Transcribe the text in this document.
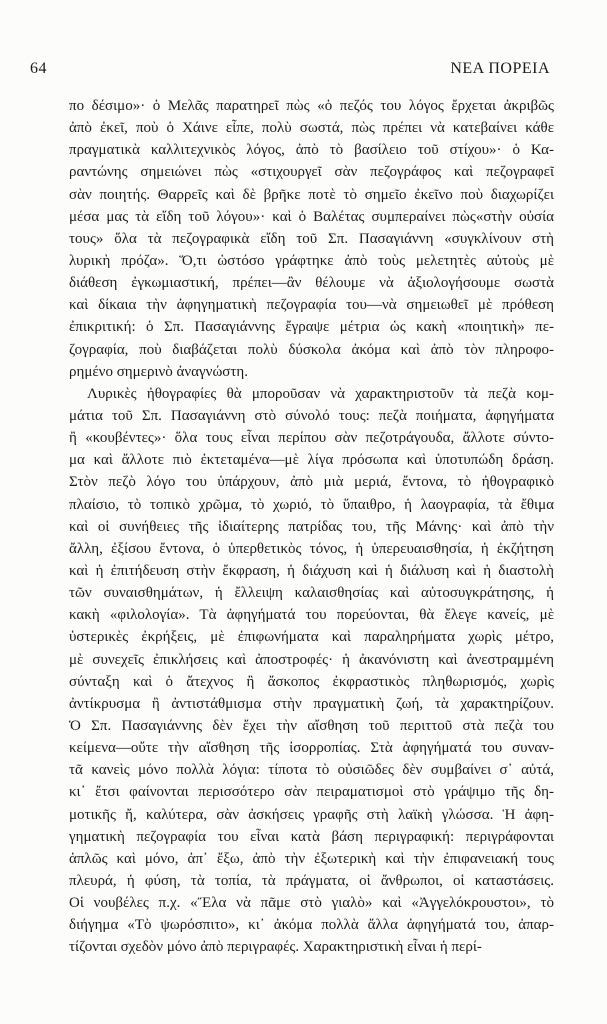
64	ΝΕΑ ΠΟΡΕΙΑ
πο δέσιμο»· ὁ Μελᾶς παρατηρεῖ πὼς «ὁ πεζός του λόγος ἔρχεται ἀκριβῶς
ἀπὸ ἐκεῖ, ποὺ ὁ Χάινε εἶπε, πολὺ σωστά, πὼς πρέπει νὰ κατεβαίνει κάθε
πραγματικὰ καλλιτεχνικὸς λόγος, ἀπὸ τὸ βασίλειο τοῦ στίχου»· ὁ Κα-
ραντώνης σημειώνει πὼς «στιχουργεῖ σὰν πεζογράφος καὶ πεζογραφεῖ
σὰν ποιητής. Θαρρεῖς καὶ δὲ βρῆκε ποτὲ τὸ σημεῖο ἐκεῖνο ποὺ διαχωρίζει
μέσα μας τὰ εἴδη τοῦ λόγου»· καὶ ὁ Βαλέτας συμπεραίνει πὼς«στὴν οὐσία
τους» ὅλα τὰ πεζογραφικὰ εἴδη τοῦ Σπ. Πασαγιάννη «συγκλίνουν στὴ
λυρικὴ πρόζα». Ὅ,τι ὡστόσο γράφτηκε ἀπὸ τοὺς μελετητὲς αὐτοὺς μὲ
διάθεση ἐγκωμιαστική, πρέπει—ἂν θέλουμε νὰ ἀξιολογήσουμε σωστὰ
καὶ δίκαια τὴν ἀφηγηματικὴ πεζογραφία του—νὰ σημειωθεῖ μὲ πρόθεση
ἐπικριτική: ὁ Σπ. Πασαγιάννης ἔγραψε μέτρια ὡς κακὴ «ποιητικὴ» πε-
ζογραφία, ποὺ διαβάζεται πολὺ δύσκολα ἀκόμα καὶ ἀπὸ τὸν πληροφο-
ρημένο σημερινὸ ἀναγνώστη.
Λυρικὲς ἠθογραφίες θὰ μποροῦσαν νὰ χαρακτηριστοῦν τὰ πεζὰ κομ-
μάτια τοῦ Σπ. Πασαγιάννη στὸ σύνολό τους: πεζὰ ποιήματα, ἀφηγήματα
ἢ «κουβέντες»· ὅλα τους εἶναι περίπου σὰν πεζοτράγουδα, ἄλλοτε σύντο-
μα καὶ ἄλλοτε πιὸ ἐκτεταμένα—μὲ λίγα πρόσωπα καὶ ὑποτυπώδη δράση.
Στὸν πεζὸ λόγο του ὑπάρχουν, ἀπὸ μιὰ μεριά, ἔντονα, τὸ ἠθογραφικὸ
πλαίσιο, τὸ τοπικὸ χρῶμα, τὸ χωριό, τὸ ὕπαιθρο, ἡ λαογραφία, τὰ ἔθιμα
καὶ οἱ συνήθειες τῆς ἰδιαίτερης πατρίδας του, τῆς Μάνης· καὶ ἀπὸ τὴν
ἄλλη, ἐξίσου ἔντονα, ὁ ὑπερθετικὸς τόνος, ἡ ὑπερευαισθησία, ἡ ἐκζήτηση
καὶ ἡ ἐπιτήδευση στὴν ἔκφραση, ἡ διάχυση καὶ ἡ διάλυση καὶ ἡ διαστολὴ
τῶν συναισθημάτων, ἡ ἔλλειψη καλαισθησίας καὶ αὐτοσυγκράτησης, ἡ
κακὴ «φιλολογία». Τὰ ἀφηγήματά του πορεύονται, θὰ ἔλεγε κανείς, μὲ
ὑστερικὲς ἐκρήξεις, μὲ ἐπιφωνήματα καὶ παραληρήματα χωρὶς μέτρο,
μὲ συνεχεῖς ἐπικλήσεις καὶ ἀποστροφές· ἡ ἀκανόνιστη καὶ ἀνεστραμμένη
σύνταξη καὶ ὁ ἄτεχνος ἢ ἄσκοπος ἐκφραστικὸς πληθωρισμός, χωρὶς
ἀντίκρυσμα ἢ ἀντιστάθμισμα στὴν πραγματικὴ ζωή, τὰ χαρακτηρίζουν.
Ὁ Σπ. Πασαγιάννης δὲν ἔχει τὴν αἴσθηση τοῦ περιττοῦ στὰ πεζὰ του
κείμενα—οὔτε τὴν αἴσθηση τῆς ἰσορροπίας. Στὰ ἀφηγήματά του συναν-
τᾶ κανεὶς μόνο πολλὰ λόγια: τίποτα τὸ οὐσιῶδες δὲν συμβαίνει σ᾿ αὐτά,
κι᾿ ἔτσι φαίνονται περισσότερο σὰν πειραματισμοὶ στὸ γράψιμο τῆς δη-
μοτικῆς ἤ, καλύτερα, σὰν ἀσκήσεις γραφῆς στὴ λαϊκὴ γλώσσα. Ἡ ἀφη-
γηματικὴ πεζογραφία του εἶναι κατὰ βάση περιγραφική: περιγράφονται
ἁπλῶς καὶ μόνο, ἀπ᾿ ἔξω, ἀπὸ τὴν ἐξωτερικὴ καὶ τὴν ἐπιφανειακή τους
πλευρά, ἡ φύση, τὰ τοπία, τὰ πράγματα, οἱ ἄνθρωποι, οἱ καταστάσεις.
Οἱ νουβέλες π.χ. «Ἔλα νὰ πᾶμε στὸ γιαλὸ» καὶ «Ἀγγελόκρουστοι», τὸ
διήγημα «Τὸ ψωρόσπιτο», κι᾿ ἀκόμα πολλὰ ἄλλα ἀφηγήματά του, ἀπαρ-
τίζονται σχεδὸν μόνο ἀπὸ περιγραφές. Χαρακτηριστικὴ εἶναι ἡ περί-
